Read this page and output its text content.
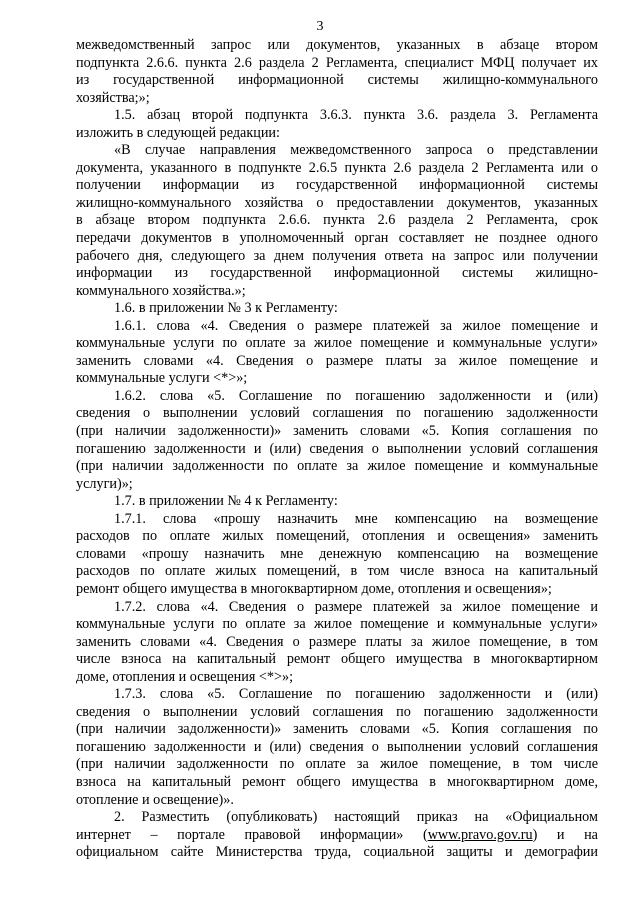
3
межведомственный запрос или документов, указанных в абзаце втором
подпункта 2.6.6. пункта 2.6 раздела 2 Регламента, специалист МФЦ получает их
из государственной информационной системы жилищно-коммунального
хозяйства;»;
1.5. абзац второй подпункта 3.6.3. пункта 3.6. раздела 3. Регламента
изложить в следующей редакции:
«В случае направления межведомственного запроса о представлении
документа, указанного в подпункте 2.6.5 пункта 2.6 раздела 2 Регламента или о
получении информации из государственной информационной системы
жилищно-коммунального хозяйства о предоставлении документов, указанных
в абзаце втором подпункта 2.6.6. пункта 2.6 раздела 2 Регламента, срок
передачи документов в уполномоченный орган составляет не позднее одного
рабочего дня, следующего за днем получения ответа на запрос или получении
информации из государственной информационной системы жилищно-
коммунального хозяйства.»;
1.6. в приложении № 3 к Регламенту:
1.6.1. слова «4. Сведения о размере платежей за жилое помещение и
коммунальные услуги по оплате за жилое помещение и коммунальные услуги»
заменить словами «4. Сведения о размере платы за жилое помещение и
коммунальные услуги <*>»;
1.6.2. слова «5. Соглашение по погашению задолженности и (или)
сведения о выполнении условий соглашения по погашению задолженности
(при наличии задолженности)» заменить словами «5. Копия соглашения по
погашению задолженности и (или) сведения о выполнении условий соглашения
(при наличии задолженности по оплате за жилое помещение и коммунальные
услуги)»;
1.7. в приложении № 4 к Регламенту:
1.7.1. слова «прошу назначить мне компенсацию на возмещение
расходов по оплате жилых помещений, отопления и освещения» заменить
словами «прошу назначить мне денежную компенсацию на возмещение
расходов по оплате жилых помещений, в том числе взноса на капитальный
ремонт общего имущества в многоквартирном доме, отопления и освещения»;
1.7.2. слова «4. Сведения о размере платежей за жилое помещение и
коммунальные услуги по оплате за жилое помещение и коммунальные услуги»
заменить словами «4. Сведения о размере платы за жилое помещение, в том
числе взноса на капитальный ремонт общего имущества в многоквартирном
доме, отопления и освещения <*>»;
1.7.3. слова «5. Соглашение по погашению задолженности и (или)
сведения о выполнении условий соглашения по погашению задолженности
(при наличии задолженности)» заменить словами «5. Копия соглашения по
погашению задолженности и (или) сведения о выполнении условий соглашения
(при наличии задолженности по оплате за жилое помещение, в том числе
взноса на капитальный ремонт общего имущества в многоквартирном доме,
отопление и освещение)».
2. Разместить (опубликовать) настоящий приказ на «Официальном
интернет – портале правовой информации» (www.pravo.gov.ru) и на
официальном сайте Министерства труда, социальной защиты и демографии
